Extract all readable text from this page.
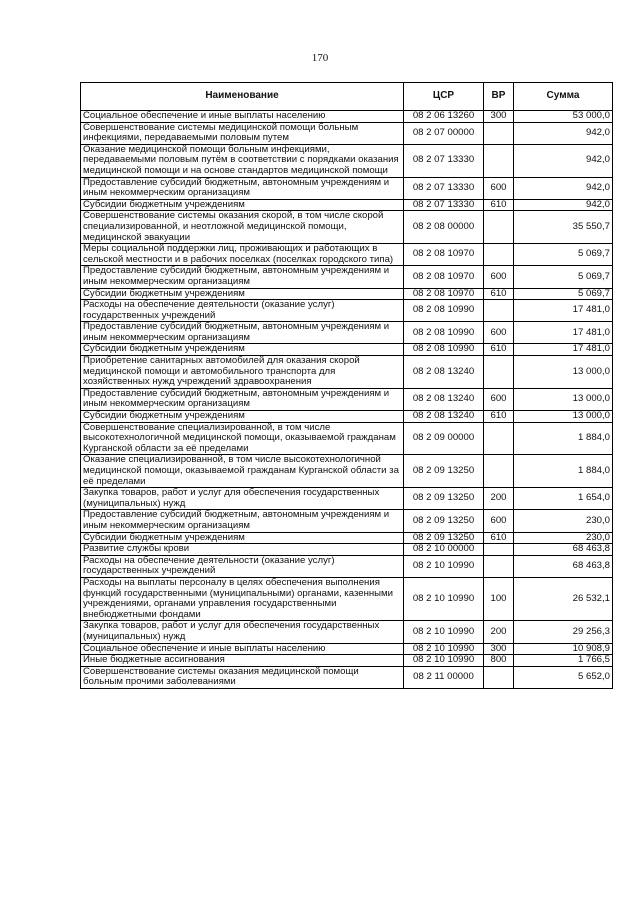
170
Наименование	ЦСР	ВР	Сумма
Социальное обеспечение и иные выплаты населению	08 2 06 13260	300	53 000,0
Совершенствование системы медицинской помощи больным инфекциями, передаваемыми половым путем	08 2 07 00000		942,0
Оказание медицинской помощи больным инфекциями, передаваемыми половым путём в соответствии с порядками оказания медицинской помощи и на основе стандартов медицинской помощи	08 2 07 13330		942,0
Предоставление субсидий бюджетным, автономным учреждениям и иным некоммерческим организациям	08 2 07 13330	600	942,0
Субсидии бюджетным учреждениям	08 2 07 13330	610	942,0
Совершенствование системы оказания скорой, в том числе скорой специализированной, и неотложной медицинской помощи, медицинской эвакуации	08 2 08 00000		35 550,7
Меры социальной поддержки лиц, проживающих и работающих в сельской местности и в рабочих поселках (поселках городского типа)	08 2 08 10970		5 069,7
Предоставление субсидий бюджетным, автономным учреждениям и иным некоммерческим организациям	08 2 08 10970	600	5 069,7
Субсидии бюджетным учреждениям	08 2 08 10970	610	5 069,7
Расходы на обеспечение деятельности (оказание услуг) государственных учреждений	08 2 08 10990		17 481,0
Предоставление субсидий бюджетным, автономным учреждениям и иным некоммерческим организациям	08 2 08 10990	600	17 481,0
Субсидии бюджетным учреждениям	08 2 08 10990	610	17 481,0
Приобретение санитарных автомобилей для оказания скорой медицинской помощи и автомобильного транспорта для хозяйственных нужд учреждений здравоохранения	08 2 08 13240		13 000,0
Предоставление субсидий бюджетным, автономным учреждениям и иным некоммерческим организациям	08 2 08 13240	600	13 000,0
Субсидии бюджетным учреждениям	08 2 08 13240	610	13 000,0
Совершенствование специализированной, в том числе высокотехнологичной медицинской помощи, оказываемой гражданам Курганской области за её пределами	08 2 09 00000		1 884,0
Оказание специализированной, в том числе высокотехнологичной медицинской помощи, оказываемой гражданам Курганской области за её пределами	08 2 09 13250		1 884,0
Закупка товаров, работ и услуг для обеспечения государственных (муниципальных) нужд	08 2 09 13250	200	1 654,0
Предоставление субсидий бюджетным, автономным учреждениям и иным некоммерческим организациям	08 2 09 13250	600	230,0
Субсидии бюджетным учреждениям	08 2 09 13250	610	230,0
Развитие службы крови	08 2 10 00000		68 463,8
Расходы на обеспечение деятельности (оказание услуг) государственных учреждений	08 2 10 10990		68 463,8
Расходы на выплаты персоналу в целях обеспечения выполнения функций государственными (муниципальными) органами, казенными учреждениями, органами управления государственными внебюджетными фондами	08 2 10 10990	100	26 532,1
Закупка товаров, работ и услуг для обеспечения государственных (муниципальных) нужд	08 2 10 10990	200	29 256,3
Социальное обеспечение и иные выплаты населению	08 2 10 10990	300	10 908,9
Иные бюджетные ассигнования	08 2 10 10990	800	1 766,5
Совершенствование системы оказания медицинской помощи больным прочими заболеваниями	08 2 11 00000		5 652,0
